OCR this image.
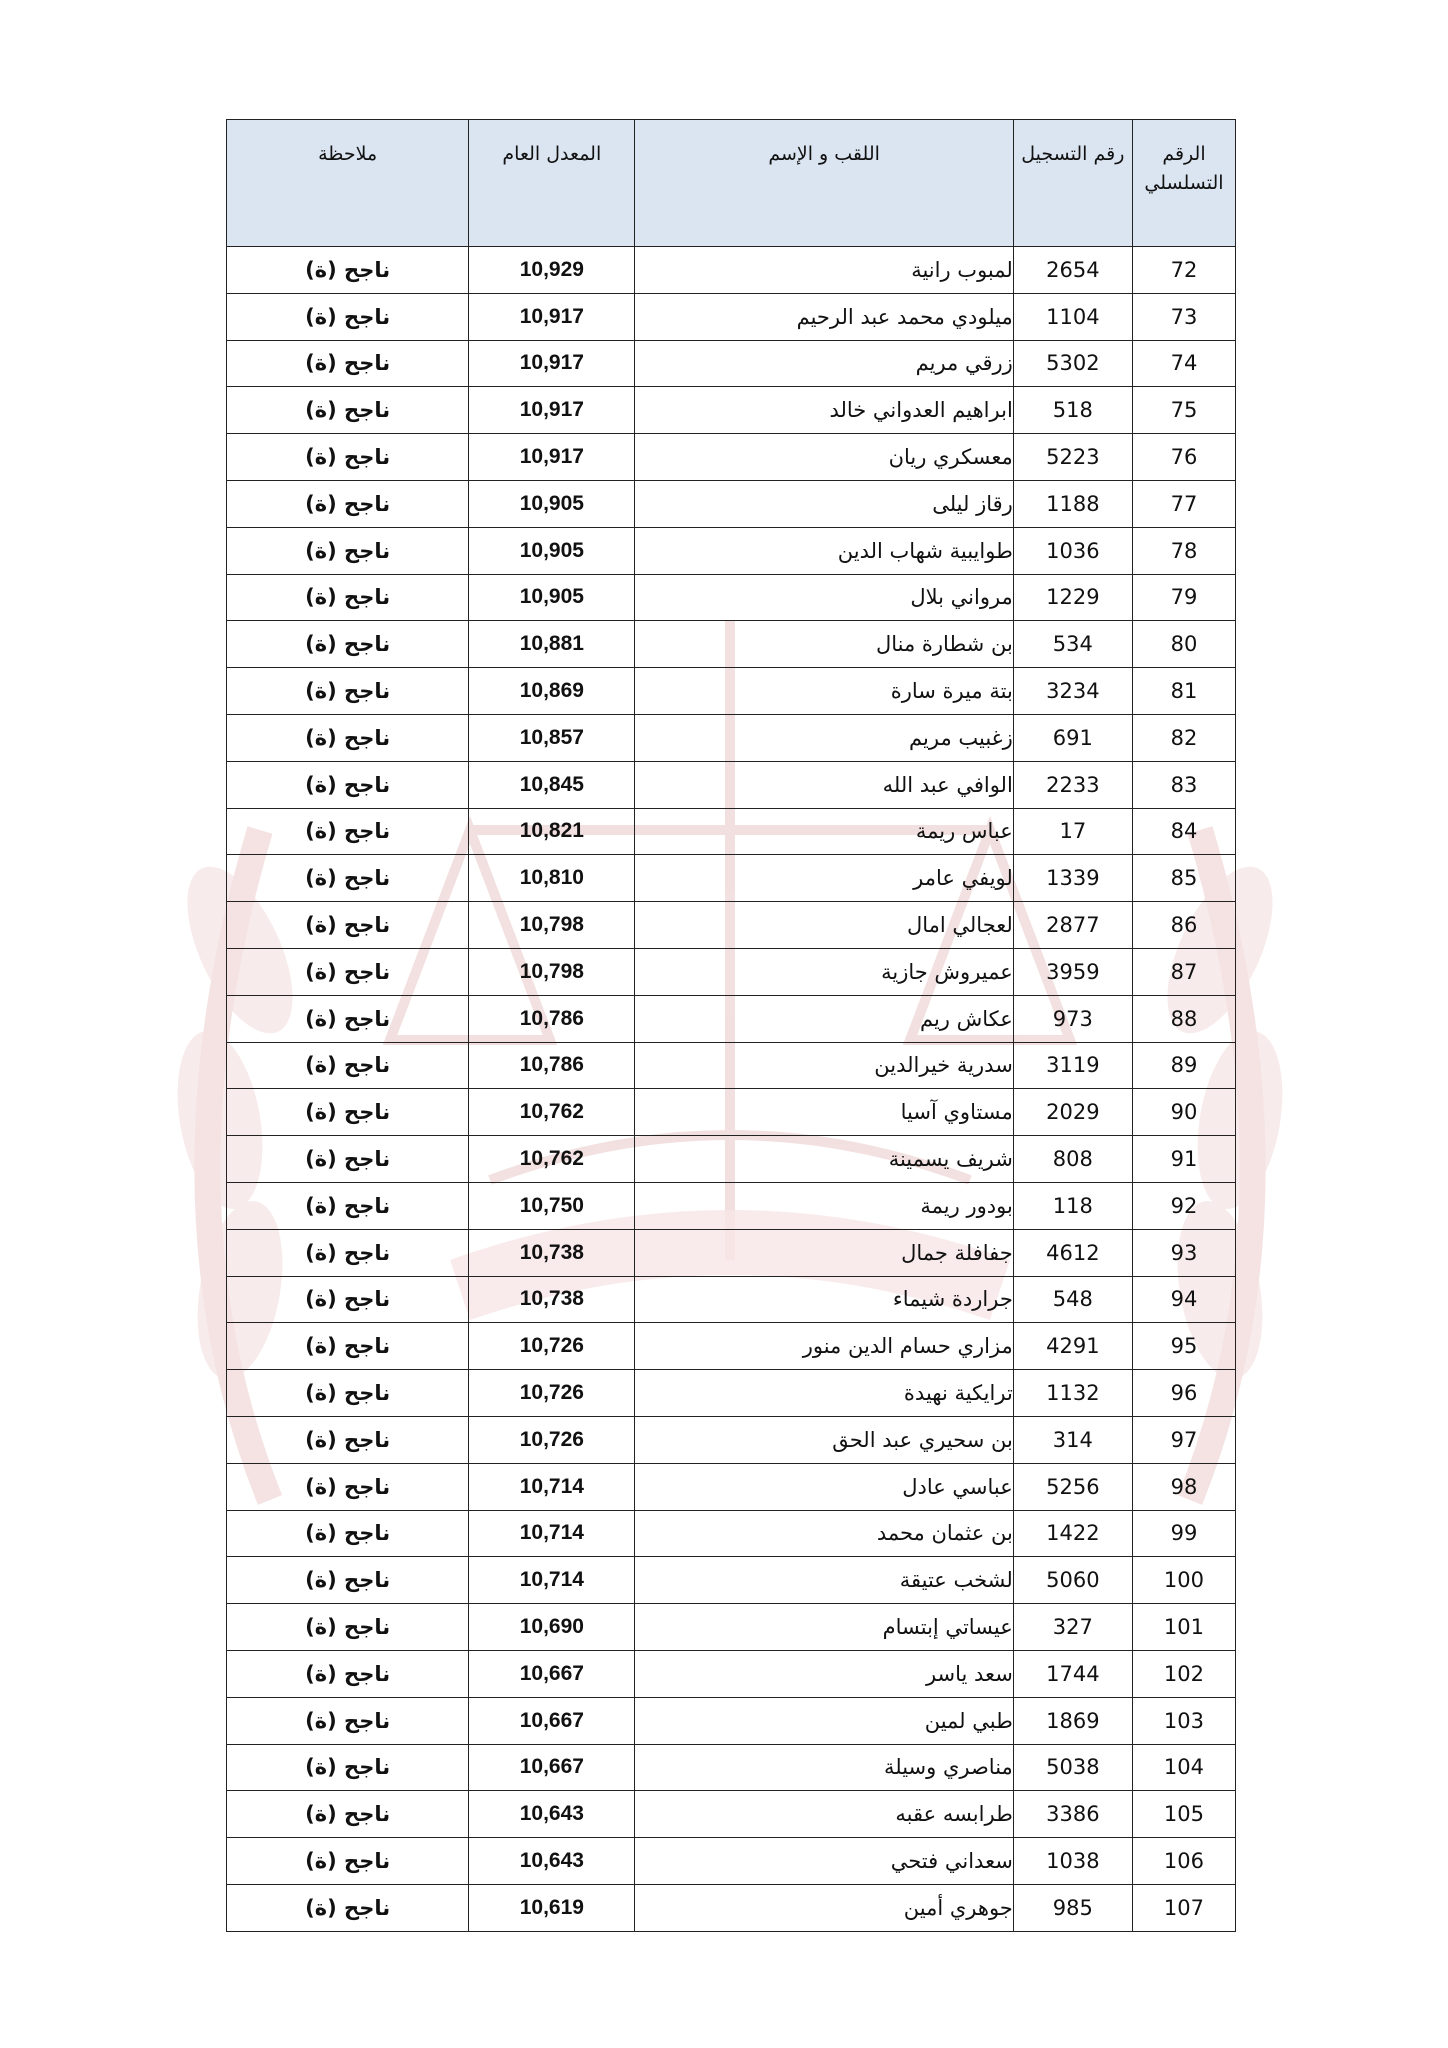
الرقم التسلسلي	رقم التسجيل	اللقب و الإسم	المعدل العام	ملاحظة
72	2654	لمبوب رانية	10,929	ناجح (ة)
73	1104	ميلودي محمد عبد الرحيم	10,917	ناجح (ة)
74	5302	زرقي مريم	10,917	ناجح (ة)
75	518	ابراهيم العدواني خالد	10,917	ناجح (ة)
76	5223	معسكري ريان	10,917	ناجح (ة)
77	1188	رقاز ليلى	10,905	ناجح (ة)
78	1036	طوايبية شهاب الدين	10,905	ناجح (ة)
79	1229	مرواني بلال	10,905	ناجح (ة)
80	534	بن شطارة منال	10,881	ناجح (ة)
81	3234	بتة ميرة سارة	10,869	ناجح (ة)
82	691	زغبيب مريم	10,857	ناجح (ة)
83	2233	الوافي عبد الله	10,845	ناجح (ة)
84	17	عباس ريمة	10,821	ناجح (ة)
85	1339	لويفي عامر	10,810	ناجح (ة)
86	2877	لعجالي امال	10,798	ناجح (ة)
87	3959	عميروش جازية	10,798	ناجح (ة)
88	973	عكاش ريم	10,786	ناجح (ة)
89	3119	سدرية خيرالدين	10,786	ناجح (ة)
90	2029	مستاوي آسيا	10,762	ناجح (ة)
91	808	شريف يسمينة	10,762	ناجح (ة)
92	118	بودور ريمة	10,750	ناجح (ة)
93	4612	جفافلة جمال	10,738	ناجح (ة)
94	548	جراردة شيماء	10,738	ناجح (ة)
95	4291	مزاري حسام الدين منور	10,726	ناجح (ة)
96	1132	ترايكية نهيدة	10,726	ناجح (ة)
97	314	بن سحيري عبد الحق	10,726	ناجح (ة)
98	5256	عباسي عادل	10,714	ناجح (ة)
99	1422	بن عثمان محمد	10,714	ناجح (ة)
100	5060	لشخب عتيقة	10,714	ناجح (ة)
101	327	عيساتي إبتسام	10,690	ناجح (ة)
102	1744	سعد ياسر	10,667	ناجح (ة)
103	1869	طبي لمين	10,667	ناجح (ة)
104	5038	مناصري وسيلة	10,667	ناجح (ة)
105	3386	طرابسه عقبه	10,643	ناجح (ة)
106	1038	سعداني فتحي	10,643	ناجح (ة)
107	985	جوهري أمين	10,619	ناجح (ة)
